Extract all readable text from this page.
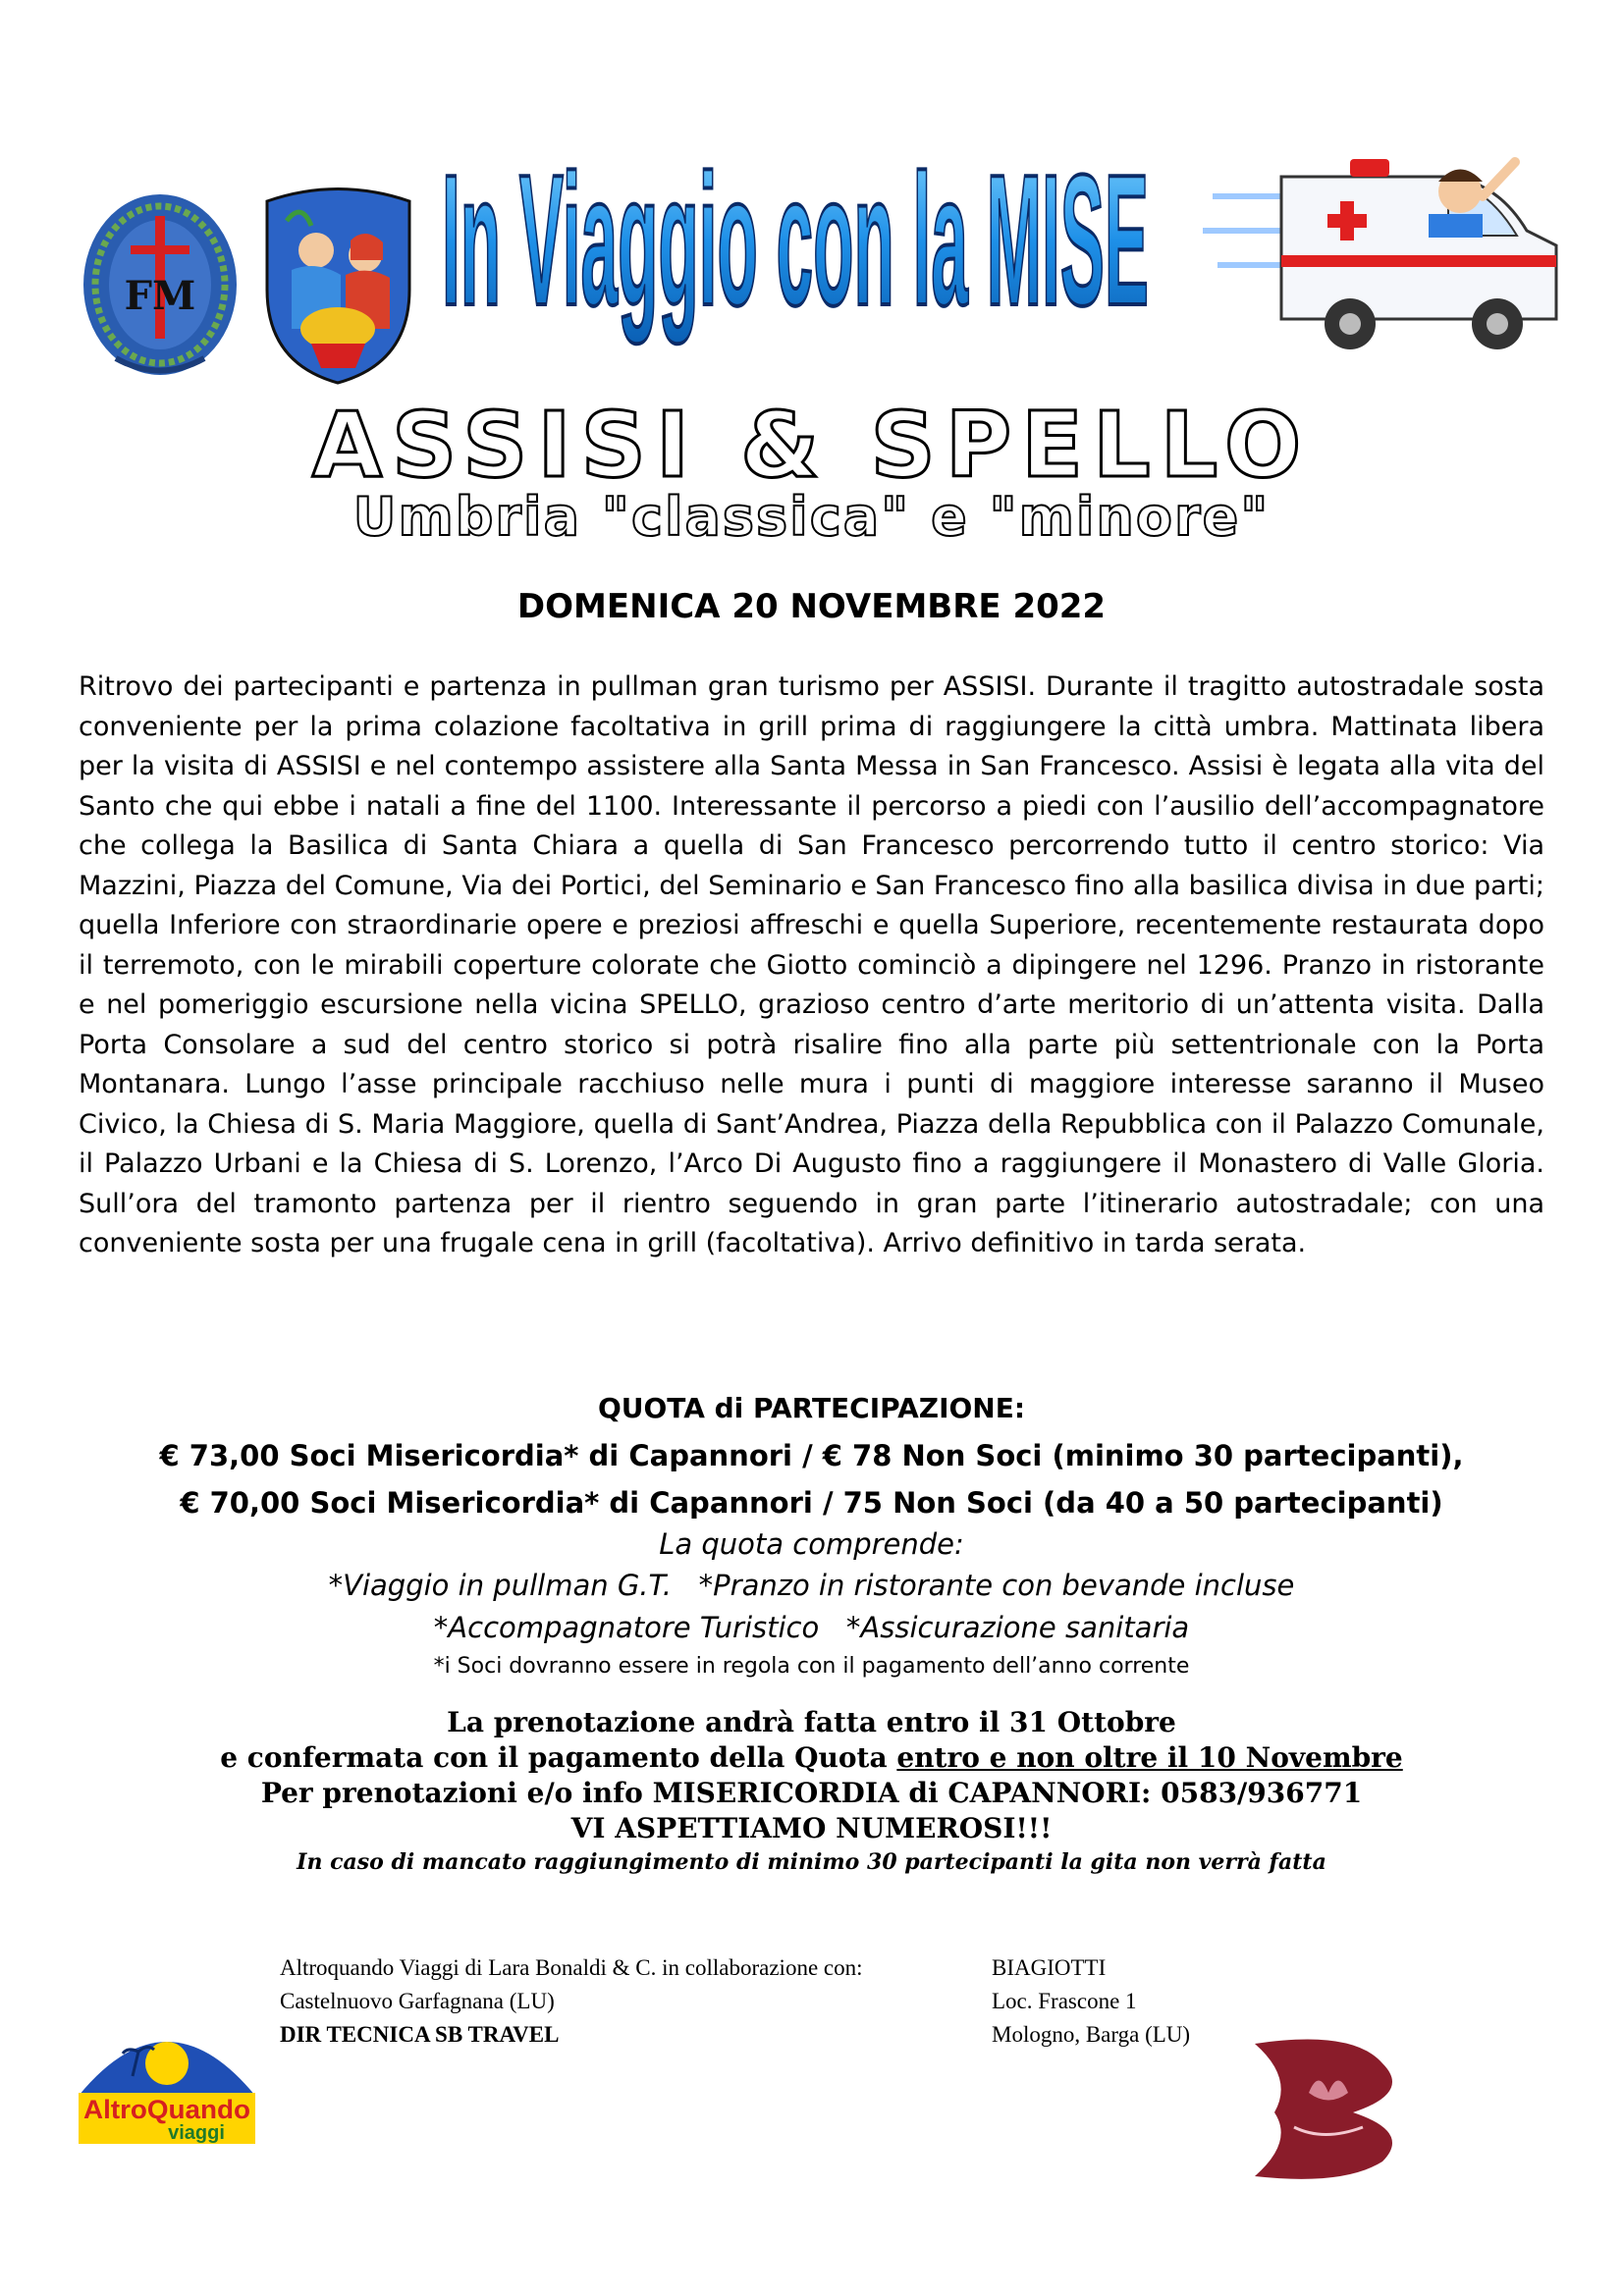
FM In Viaggio con la MISE
ASSISI & SPELLO
Umbria "classica" e "minore"
DOMENICA 20 NOVEMBRE 2022
Ritrovo dei partecipanti e partenza in pullman gran turismo per ASSISI. Durante il tragitto autostradale sosta conveniente per la prima colazione facoltativa in grill prima di raggiungere la città umbra. Mattinata libera per la visita di ASSISI e nel contempo assistere alla Santa Messa in San Francesco. Assisi è legata alla vita del Santo che qui ebbe i natali a fine del 1100. Interessante il percorso a piedi con l’ausilio dell’accompagnatore che collega la Basilica di Santa Chiara a quella di San Francesco percorrendo tutto il centro storico: Via Mazzini, Piazza del Comune, Via dei Portici, del Seminario e San Francesco fino alla basilica divisa in due parti; quella Inferiore con straordinarie opere e preziosi affreschi e quella Superiore, recentemente restaurata dopo il terremoto, con le mirabili coperture colorate che Giotto cominciò a dipingere nel 1296. Pranzo in ristorante e nel pomeriggio escursione nella vicina SPELLO, grazioso centro d’arte meritorio di un’attenta visita. Dalla Porta Consolare a sud del centro storico si potrà risalire fino alla parte più settentrionale con la Porta Montanara. Lungo l’asse principale racchiuso nelle mura i punti di maggiore interesse saranno il Museo Civico, la Chiesa di S. Maria Maggiore, quella di Sant’Andrea, Piazza della Repubblica con il Palazzo Comunale, il Palazzo Urbani e la Chiesa di S. Lorenzo, l’Arco Di Augusto fino a raggiungere il Monastero di Valle Gloria. Sull’ora del tramonto partenza per il rientro seguendo in gran parte l’itinerario autostradale; con una conveniente sosta per una frugale cena in grill (facoltativa). Arrivo definitivo in tarda serata.
QUOTA di PARTECIPAZIONE:
€ 73,00 Soci Misericordia* di Capannori / € 78 Non Soci (minimo 30 partecipanti),
€ 70,00 Soci Misericordia* di Capannori / 75 Non Soci (da 40 a 50 partecipanti)
La quota comprende:
*Viaggio in pullman G.T.   *Pranzo in ristorante con bevande incluse
*Accompagnatore Turistico   *Assicurazione sanitaria
*i Soci dovranno essere in regola con il pagamento dell’anno corrente
La prenotazione andrà fatta entro il 31 Ottobre
e confermata con il pagamento della Quota entro e non oltre il 10 Novembre
Per prenotazioni e/o info MISERICORDIA di CAPANNORI: 0583/936771
VI ASPETTIAMO NUMEROSI!!!
In caso di mancato raggiungimento di minimo 30 partecipanti la gita non verrà fatta
Altroquando Viaggi di Lara Bonaldi & C. in collaborazione con:
Castelnuovo Garfagnana (LU)
DIR TECNICA SB TRAVEL
BIAGIOTTI
Loc. Frascone 1
Mologno, Barga (LU)
AltroQuando
viaggi
